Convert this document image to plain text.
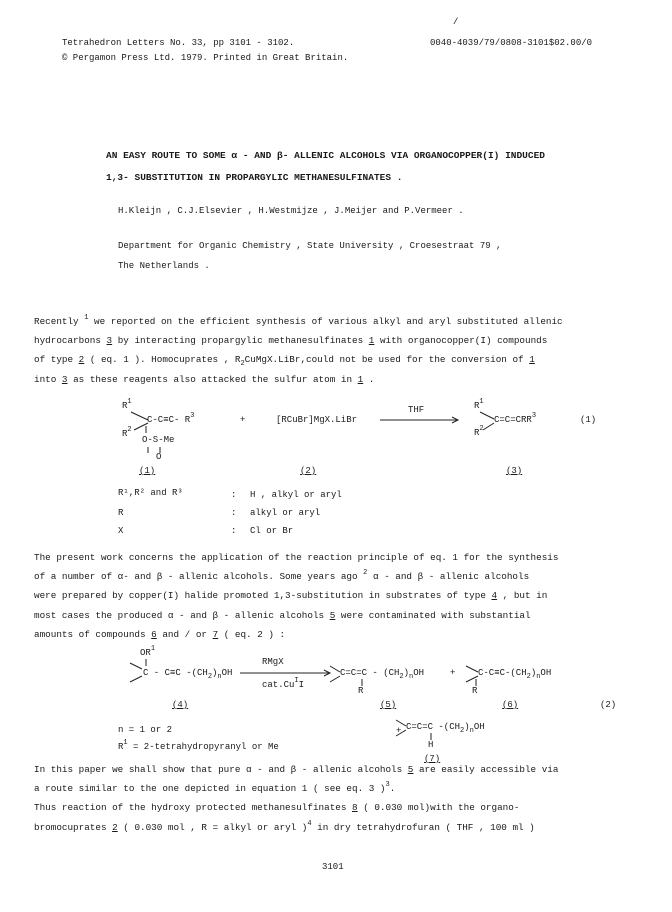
Tetrahedron Letters No. 33, pp 3101 - 3102.
© Pergamon Press Ltd. 1979. Printed in Great Britain.
0040-4039/79/0808-3101$02.00/0
/
AN EASY ROUTE TO SOME α - AND β- ALLENIC ALCOHOLS VIA ORGANOCOPPER(I) INDUCED
1,3- SUBSTITUTION IN PROPARGYLIC METHANESULFINATES .
H.Kleijn , C.J.Elsevier , H.Westmijze , J.Meijer and P.Vermeer .
Department for Organic Chemistry , State University , Croesestraat 79 ,
The Netherlands .

Recently $^1$ we reported on the efficient synthesis of various alkyl and aryl substituted allenic

hydrocarbons 3 by interacting propargylic methanesulfinates 1 with organocopper(I) compounds

of type 2 ( eq. 1 ). Homocuprates , $R_2CuMgX.LiBr,could$ not be used for the conversion of 1

into 3 as these reagents also attacked the sulfur atom in 1 .

$R^1$
$R^2$
C-C≡C- $R^3$
O-S-Me
O
+	[RCuBr]MgX.LiBr
THF	$R^1$
$R^2$
$C=C=CRR^3$	(1)
(1)	(2)	(3)
R¹,R² and R³	: H , alkyl or aryl
R	: alkyl or aryl
X	: Cl or Br

The present work concerns the application of the reaction principle of eq. 1 for the synthesis

of a number of α- and β - allenic alcohols. Some years ago $^2$ α - and β - allenic alcohols

were prepared by copper(I) halide promoted 1,3-substitution in substrates of type 4 , but in

most cases the produced α - and β - allenic alcohols 5 were contaminated with substantial

amounts of compounds 6 and / or 7 ( eq. 2 ) :

$OR^1$
C - C≡C $-(CH_2)_nOH$
RMgX
$cat.Cu^II$
$C=C=C - (CH_2)_nOH$
R
+	$C-C\equiv C-(CH_2)_nOH$
R
+ C=C=C $-(CH_2)_nOH$
H
(4)	(5)	(6)	(2)
(7)
n = 1 or 2
$R^1$ = 2-tetrahydropyranyl or Me

In this paper we shall show that pure α - and β - allenic alcohols 5 are easily accessible via

a route similar to the one depicted in equation 1 ( see eq. 3 )$^3$.

Thus reaction of the hydroxy protected methanesulfinates 8 ( 0.030 mol)with the organo-

bromocuprates 2 ( 0.030 mol , R = alkyl or aryl )$^4$ in dry tetrahydrofuran ( THF , 100 ml )

3101
